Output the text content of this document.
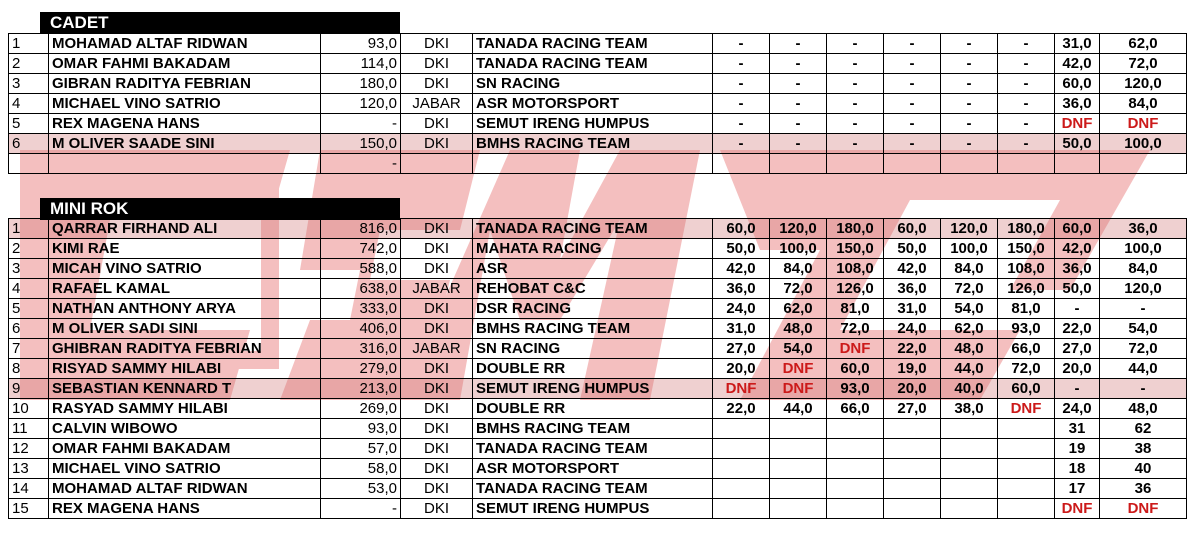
CADET
1	MOHAMAD ALTAF RIDWAN	93,0	DKI	TANADA RACING TEAM	-	-	-	-	-	-	31,0	62,0
2	OMAR FAHMI BAKADAM	114,0	DKI	TANADA RACING TEAM	-	-	-	-	-	-	42,0	72,0
3	GIBRAN RADITYA FEBRIAN	180,0	DKI	SN RACING	-	-	-	-	-	-	60,0	120,0
4	MICHAEL VINO SATRIO	120,0	JABAR	ASR MOTORSPORT	-	-	-	-	-	-	36,0	84,0
5	REX MAGENA HANS	-	DKI	SEMUT IRENG HUMPUS	-	-	-	-	-	-	DNF	DNF
6	M OLIVER SAADE SINI	150,0	DKI	BMHS RACING TEAM	-	-	-	-	-	-	50,0	100,0
		-										
MINI ROK
1	QARRAR FIRHAND ALI	816,0	DKI	TANADA RACING TEAM	60,0	120,0	180,0	60,0	120,0	180,0	60,0	36,0
2	KIMI RAE	742,0	DKI	MAHATA RACING	50,0	100,0	150,0	50,0	100,0	150,0	42,0	100,0
3	MICAH VINO SATRIO	588,0	DKI	ASR	42,0	84,0	108,0	42,0	84,0	108,0	36,0	84,0
4	RAFAEL KAMAL	638,0	JABAR	REHOBAT C&C	36,0	72,0	126,0	36,0	72,0	126,0	50,0	120,0
5	NATHAN ANTHONY ARYA	333,0	DKI	DSR RACING	24,0	62,0	81,0	31,0	54,0	81,0	-	-
6	M OLIVER SADI SINI	406,0	DKI	BMHS RACING TEAM	31,0	48,0	72,0	24,0	62,0	93,0	22,0	54,0
7	GHIBRAN RADITYA FEBRIAN	316,0	JABAR	SN RACING	27,0	54,0	DNF	22,0	48,0	66,0	27,0	72,0
8	RISYAD SAMMY HILABI	279,0	DKI	DOUBLE RR	20,0	DNF	60,0	19,0	44,0	72,0	20,0	44,0
9	SEBASTIAN KENNARD T	213,0	DKI	SEMUT IRENG HUMPUS	DNF	DNF	93,0	20,0	40,0	60,0	-	-
10	RASYAD SAMMY HILABI	269,0	DKI	DOUBLE RR	22,0	44,0	66,0	27,0	38,0	DNF	24,0	48,0
11	CALVIN WIBOWO	93,0	DKI	BMHS RACING TEAM							31	62
12	OMAR FAHMI BAKADAM	57,0	DKI	TANADA RACING TEAM							19	38
13	MICHAEL VINO SATRIO	58,0	DKI	ASR MOTORSPORT							18	40
14	MOHAMAD ALTAF RIDWAN	53,0	DKI	TANADA RACING TEAM							17	36
15	REX MAGENA HANS	-	DKI	SEMUT IRENG HUMPUS							DNF	DNF
